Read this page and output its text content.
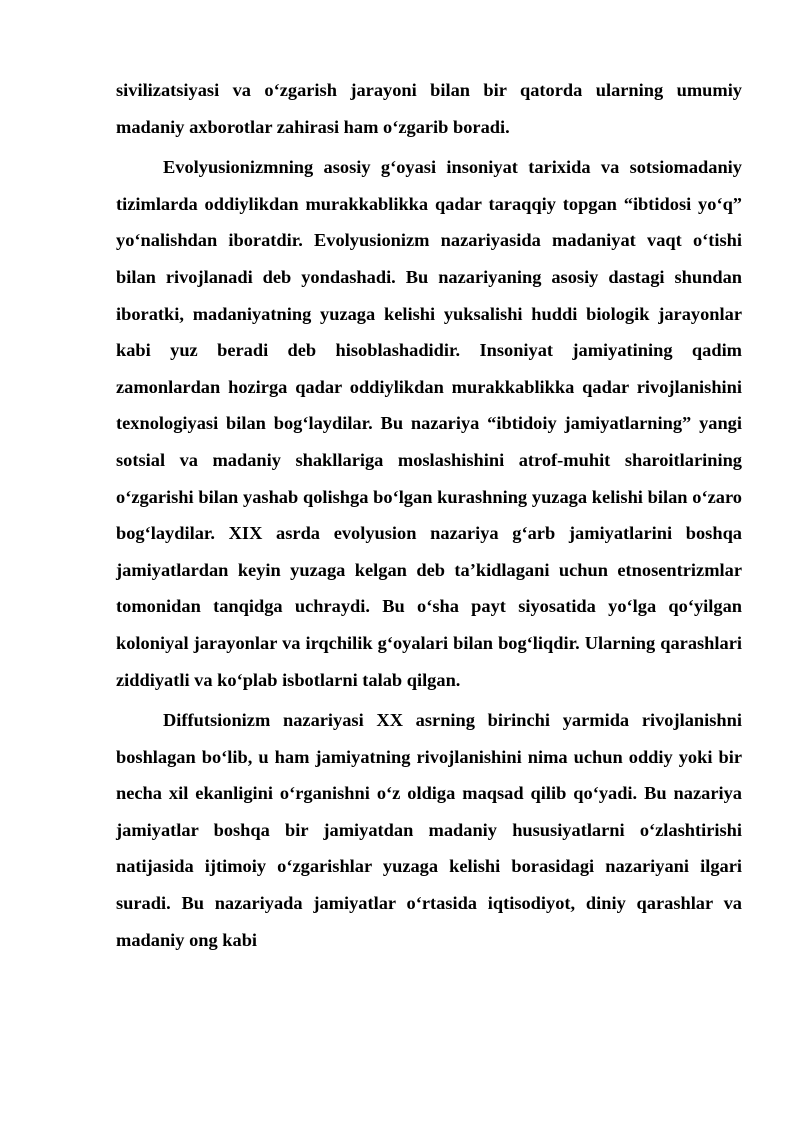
sivilizatsiyasi va o‘zgarish jarayoni bilan bir qatorda ularning umumiy madaniy axborotlar zahirasi ham o‘zgarib boradi.

Evolyusionizmning asosiy g‘oyasi insoniyat tarixida va sotsiomadaniy tizimlarda oddiylikdan murakkablikka qadar taraqqiy topgan “ibtidosi yo‘q” yo‘nalishdan iboratdir. Evolyusionizm nazariyasida madaniyat vaqt o‘tishi bilan rivojlanadi deb yondashadi. Bu nazariyaning asosiy dastagi shundan iboratki, madaniyatning yuzaga kelishi yuksalishi huddi biologik jarayonlar kabi yuz beradi deb hisoblashadidir. Insoniyat jamiyatining qadim zamonlardan hozirga qadar oddiylikdan murakkablikka qadar rivojlanishini texnologiyasi bilan bog‘laydilar. Bu nazariya “ibtidoiy jamiyatlarning” yangi sotsial va madaniy shakllariga moslashishini atrof-muhit sharoitlarining o‘zgarishi bilan yashab qolishga bo‘lgan kurashning yuzaga kelishi bilan o‘zaro bog‘laydilar. XIX asrda evolyusion nazariya g‘arb jamiyatlarini boshqa jamiyatlardan keyin yuzaga kelgan deb ta’kidlagani uchun etnosentrizmlar tomonidan tanqidga uchraydi. Bu o‘sha payt siyosatida yo‘lga qo‘yilgan koloniyal jarayonlar va irqchilik g‘oyalari bilan bog‘liqdir. Ularning qarashlari ziddiyatli va ko‘plab isbotlarni talab qilgan.

Diffutsionizm nazariyasi XX asrning birinchi yarmida rivojlanishni boshlagan bo‘lib, u ham jamiyatning rivojlanishini nima uchun oddiy yoki bir necha xil ekanligini o‘rganishni o‘z oldiga maqsad qilib qo‘yadi. Bu nazariya jamiyatlar boshqa bir jamiyatdan madaniy hususiyatlarni o‘zlashtirishi natijasida ijtimoiy o‘zgarishlar yuzaga kelishi borasidagi nazariyani ilgari suradi. Bu nazariyada jamiyatlar o‘rtasida iqtisodiyot, diniy qarashlar va madaniy ong kabi
